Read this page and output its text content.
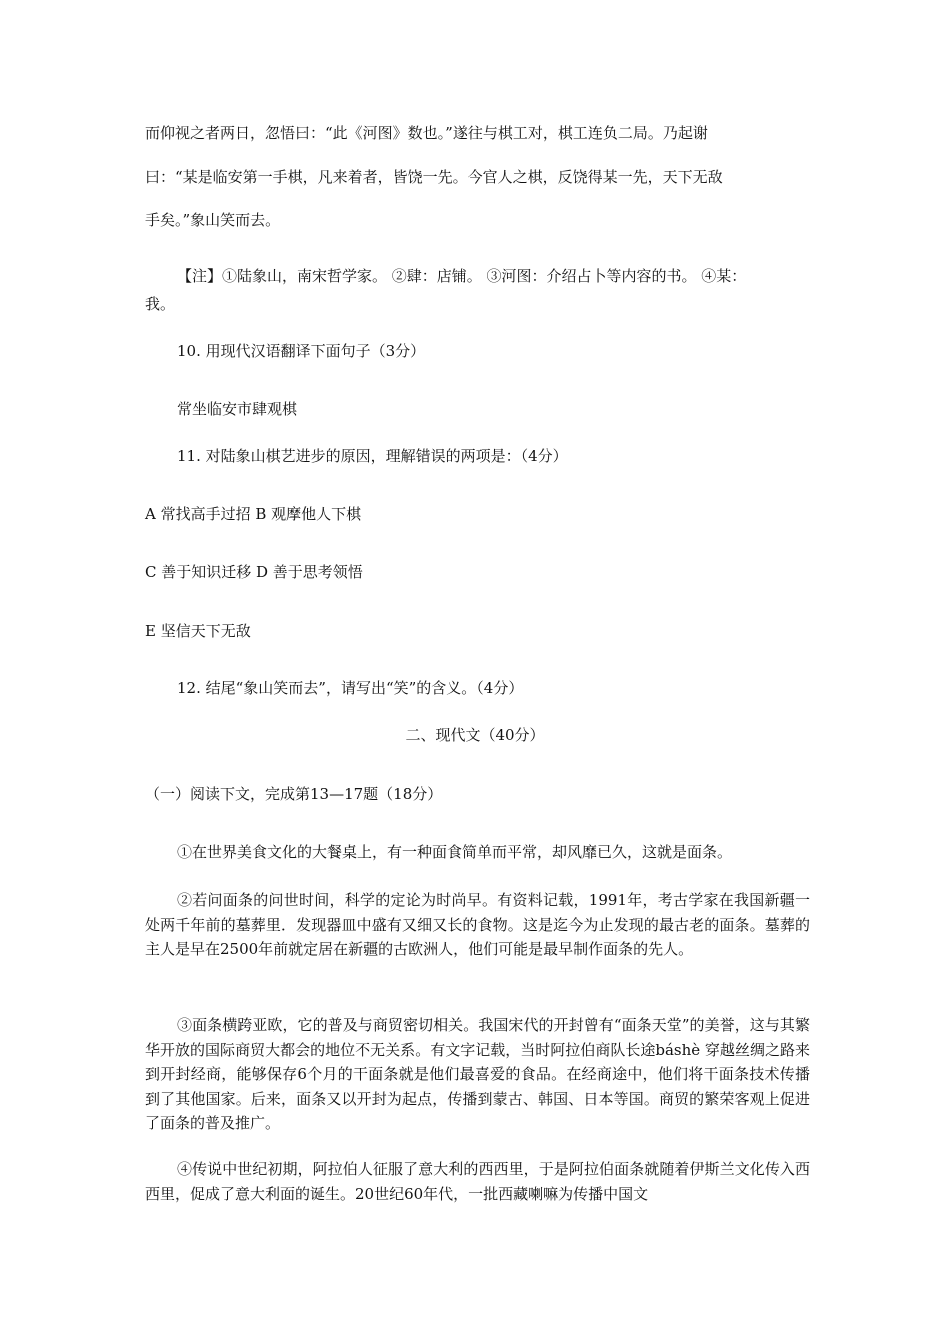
而仰视之者两日，忽悟曰：“此《河图》数也。”遂往与棋工对，棋工连负二局。乃起谢
曰：“某是临安第一手棋，凡来着者，皆饶一先。今官人之棋，反饶得某一先，天下无敌
手矣。”象山笑而去。
【注】①陆象山，南宋哲学家。 ②肆：店铺。 ③河图：介绍占卜等内容的书。 ④某：
我。
10. 用现代汉语翻译下面句子（3分）
常坐临安市肆观棋
11. 对陆象山棋艺进步的原因，理解错误的两项是：（4分）
A 常找高手过招 B 观摩他人下棋
C 善于知识迁移 D 善于思考领悟
E 坚信天下无敌
12. 结尾“象山笑而去”，请写出“笑”的含义。（4分）
二、现代文（40分）
（一）阅读下文，完成第13—17题（18分）
①在世界美食文化的大餐桌上，有一种面食简单而平常，却风靡已久，这就是面条。
②若问面条的问世时间，科学的定论为时尚早。有资料记载，1991年，考古学家在我国新疆一处两千年前的墓葬里．发现器皿中盛有又细又长的食物。这是迄今为止发现的最古老的面条。墓葬的主人是早在2500年前就定居在新疆的古欧洲人，他们可能是最早制作面条的先人。
③面条横跨亚欧，它的普及与商贸密切相关。我国宋代的开封曾有“面条天堂”的美誉，这与其繁华开放的国际商贸大都会的地位不无关系。有文字记载，当时阿拉伯商队长途báshè 穿越丝绸之路来到开封经商，能够保存6个月的干面条就是他们最喜爱的食品。在经商途中，他们将干面条技术传播到了其他国家。后来，面条又以开封为起点，传播到蒙古、韩国、日本等国。商贸的繁荣客观上促进了面条的普及推广。
④传说中世纪初期，阿拉伯人征服了意大利的西西里，于是阿拉伯面条就随着伊斯兰文化传入西西里，促成了意大利面的诞生。20世纪60年代，一批西藏喇嘛为传播中国文
